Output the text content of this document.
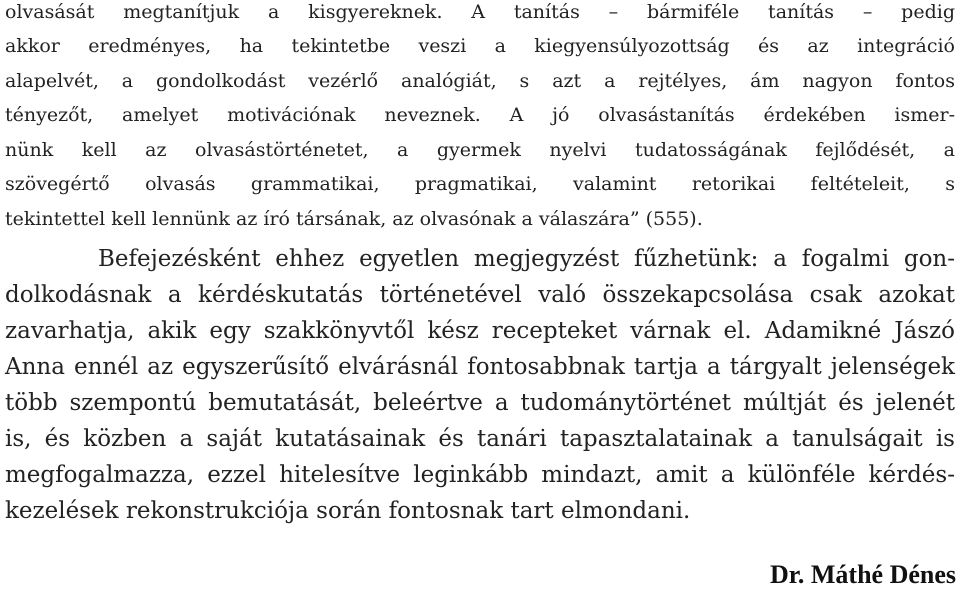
olvasását megtanítjuk a kisgyereknek. A tanítás – bármiféle tanítás – pedig
akkor eredményes, ha tekintetbe veszi a kiegyensúlyozottság és az integráció
alapelvét, a gondolkodást vezérlő analógiát, s azt a rejtélyes, ám nagyon fontos
tényezőt, amelyet motivációnak neveznek. A jó olvasástanítás érdekében ismer-
nünk kell az olvasástörténetet, a gyermek nyelvi tudatosságának fejlődését, a
szövegértő olvasás grammatikai, pragmatikai, valamint retorikai feltételeit, s
tekintettel kell lennünk az író társának, az olvasónak a válaszára” (555).
Befejezésként ehhez egyetlen megjegyzést fűzhetünk: a fogalmi gon-
dolkodásnak a kérdéskutatás történetével való összekapcsolása csak azokat
zavarhatja, akik egy szakkönyvtől kész recepteket várnak el. Adamikné Jászó
Anna ennél az egyszerűsítő elvárásnál fontosabbnak tartja a tárgyalt jelenségek
több szempontú bemutatását, beleértve a tudománytörténet múltját és jelenét
is, és közben a saját kutatásainak és tanári tapasztalatainak a tanulságait is
megfogalmazza, ezzel hitelesítve leginkább mindazt, amit a különféle kérdés-
kezelések rekonstrukciója során fontosnak tart elmondani.
Dr. Máthé Dénes
